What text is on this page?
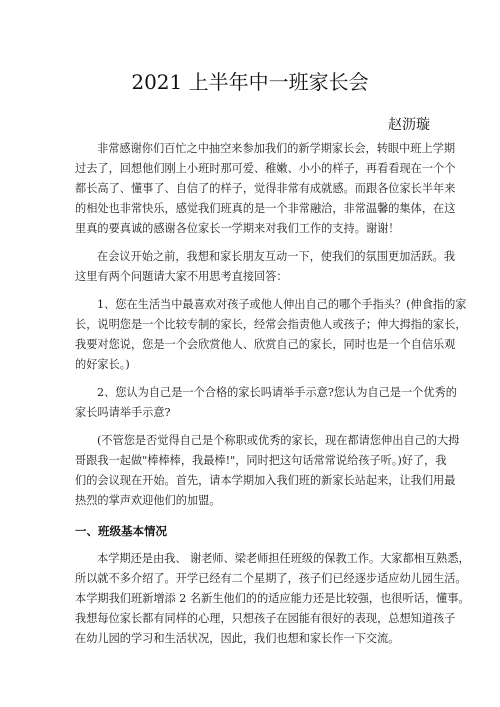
2021 上半年中一班家长会
赵沥璇
非常感谢你们百忙之中抽空来参加我们的新学期家长会，转眼中班上学期
过去了，回想他们刚上小班时那可爱、稚嫩、小小的样子，再看看现在一个个
都长高了、懂事了、自信了的样子，觉得非常有成就感。而跟各位家长半年来
的相处也非常快乐，感觉我们班真的是一个非常融洽，非常温馨的集体，在这
里真的要真诚的感谢各位家长一学期来对我们工作的支持。谢谢！
在会议开始之前，我想和家长朋友互动一下，使我们的氛围更加活跃。我
这里有两个问题请大家不用思考直接回答：
1、您在生活当中最喜欢对孩子或他人伸出自己的哪个手指头？(伸食指的家
长，说明您是一个比较专制的家长，经常会指责他人或孩子；伸大拇指的家长，
我要对您说，您是一个会欣赏他人、欣赏自己的家长，同时也是一个自信乐观
的好家长。)
2、您认为自己是一个合格的家长吗请举手示意?您认为自己是一个优秀的
家长吗请举手示意?
(不管您是否觉得自己是个称职或优秀的家长，现在都请您伸出自己的大拇
哥跟我一起做"棒棒棒，我最棒!"，同时把这句话常常说给孩子听。)好了，我
们的会议现在开始。首先，请本学期加入我们班的新家长站起来，让我们用最
热烈的掌声欢迎他们的加盟。
一、班级基本情况
本学期还是由我、 谢老师、梁老师担任班级的保教工作。大家都相互熟悉，
所以就不多介绍了。开学已经有二个星期了，孩子们已经逐步适应幼儿园生活。
本学期我们班新增添 2 名新生他们的的适应能力还是比较强，也很听话，懂事。
我想每位家长都有同样的心理，只想孩子在园能有很好的表现，总想知道孩子
在幼儿园的学习和生活状况，因此，我们也想和家长作一下交流。
